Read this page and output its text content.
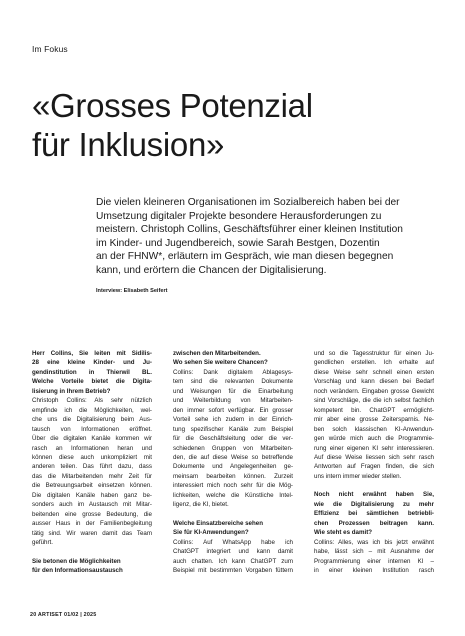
Im Fokus
«Grosses Potenzial
für Inklusion»
Die vielen kleineren Organisationen im Sozialbereich haben bei der
Umsetzung digitaler Projekte besondere Herausforderungen zu
meistern. Christoph Collins, Geschäftsführer einer kleinen Institution
im Kinder- und Jugendbereich, sowie Sarah Bestgen, Dozentin
an der FHNW*, erläutern im Gespräch, wie man diesen begegnen
kann, und erörtern die Chancen der Digitalisierung.
Interview: Elisabeth Seifert
Herr Collins, Sie leiten mit Sidilis-
28 eine kleine Kinder- und Ju-
gendinstitution in Thierwil BL.
Welche Vorteile bietet die Digita-
lisierung in Ihrem Betrieb?
Christoph Collins: Als sehr nützlich
empfinde ich die Möglichkeiten, wel-
che uns die Digitalisierung beim Aus-
tausch von Informationen eröffnet.
Über die digitalen Kanäle kommen wir
rasch an Informationen heran und
können diese auch unkompliziert mit
anderen teilen. Das führt dazu, dass
das die Mitarbeitenden mehr Zeit für
die Betreuungsarbeit einsetzen können.
Die digitalen Kanäle haben ganz be-
sonders auch im Austausch mit Mitar-
beitenden eine grosse Bedeutung, die
ausser Haus in der Familienbegleitung
tätig sind. Wir waren damit das Team
geführt.
Sie betonen die Möglichkeiten
für den Informationsaustausch
zwischen den Mitarbeitenden.
Wo sehen Sie weitere Chancen?
Collins: Dank digitalem Ablagesys-
tem sind die relevanten Dokumente
und Weisungen für die Einarbeitung
und Weiterbildung von Mitarbeiten-
den immer sofort verfügbar. Ein grosser
Vorteil sehe ich zudem in der Einrich-
tung spezifischer Kanäle zum Beispiel
für die Geschäftsleitung oder die ver-
schiedenen Gruppen von Mitarbeiten-
den, die auf diese Weise so betreffende
Dokumente und Angelegenheiten ge-
meinsam bearbeiten können. Zurzeit
interessiert mich noch sehr für die Mög-
lichkeiten, welche die Künstliche Intel-
ligenz, die KI, bietet.
Welche Einsatzbereiche sehen
Sie für KI-Anwendungen?
Collins: Auf WhatsApp habe ich
ChatGPT integriert und kann damit
auch chatten. Ich kann ChatGPT zum
Beispiel mit bestimmten Vorgaben füttern
und so die Tagesstruktur für einen Ju-
gendlichen erstellen. Ich erhalte auf
diese Weise sehr schnell einen ersten
Vorschlag und kann diesen bei Bedarf
noch verändern. Eingaben grosse Gewicht
sind Vorschläge, die die ich selbst fachlich
kompetent bin. ChatGPT ermöglicht-
mir aber eine grosse Zeitersparnis. Ne-
ben solch klassischen KI-Anwendun-
gen würde mich auch die Programmie-
rung einer eigenen KI sehr interessieren.
Auf diese Weise liessen sich sehr rasch
Antworten auf Fragen finden, die sich
uns intern immer wieder stellen.
Noch nicht erwähnt haben Sie,
wie die Digitalisierung zu mehr
Effizienz bei sämtlichen betriebli-
chen Prozessen beitragen kann.
Wie steht es damit?
Collins: Alles, was ich bis jetzt erwähnt
habe, lässt sich – mit Ausnahme der
Programmierung einer internen KI –
in einer kleinen Institution rasch
20 ARTISET 01/02 | 2025
